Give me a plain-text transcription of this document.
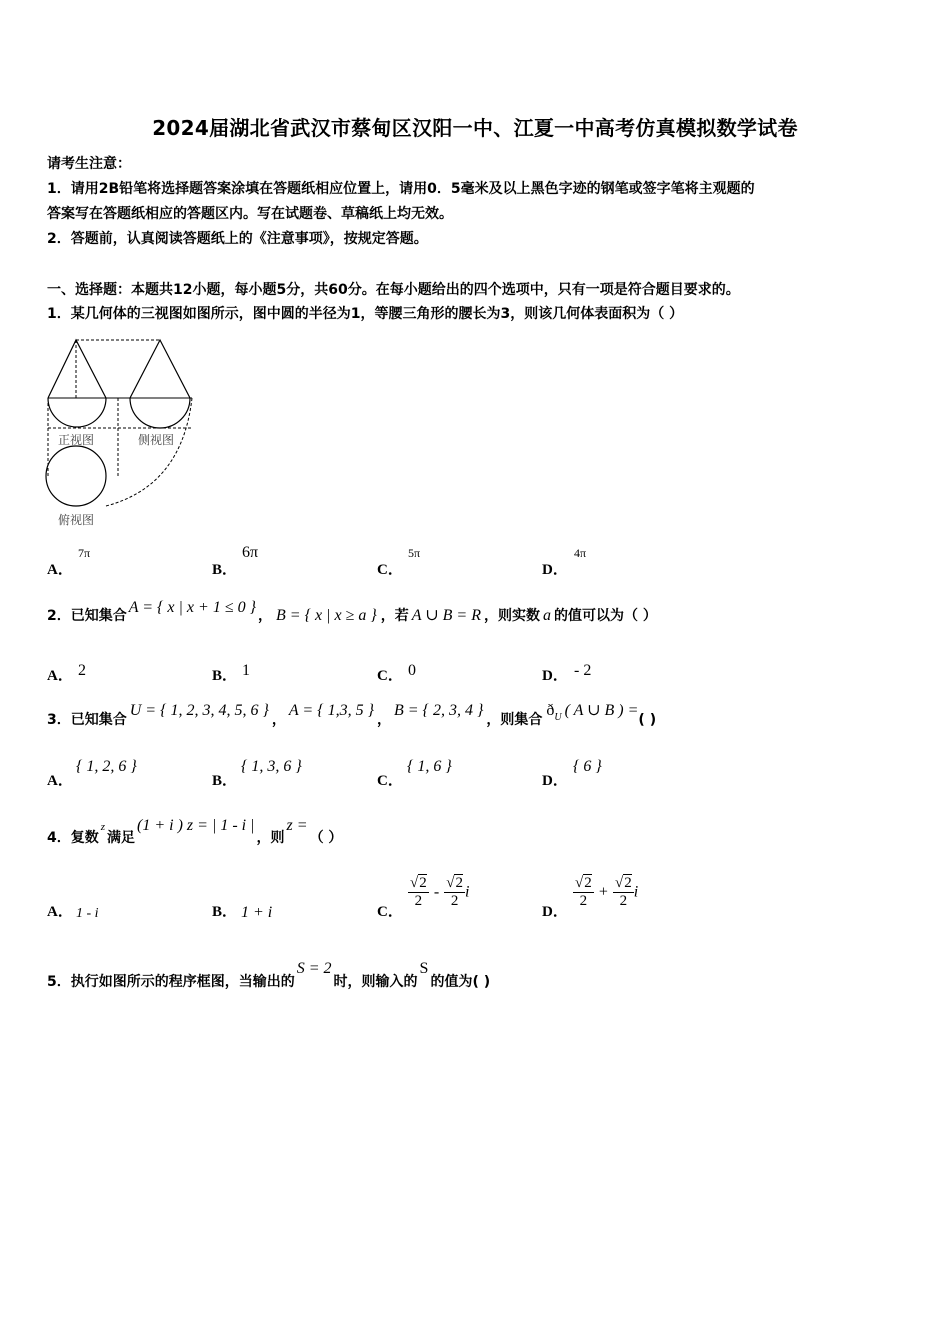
2024届湖北省武汉市蔡甸区汉阳一中、江夏一中高考仿真模拟数学试卷
请考生注意：
1．请用2B铅笔将选择题答案涂填在答题纸相应位置上，请用0．5毫米及以上黑色字迹的钢笔或签字笔将主观题的
答案写在答题纸相应的答题区内。写在试题卷、草稿纸上均无效。
2．答题前，认真阅读答题纸上的《注意事项》，按规定答题。
一、选择题：本题共12小题，每小题5分，共60分。在每小题给出的四个选项中，只有一项是符合题目要求的。
1．某几何体的三视图如图所示，图中圆的半径为1，等腰三角形的腰长为3，则该几何体表面积为（ ）
正视图	侧视图
俯视图
A．
7π
B．
6π
C．
5π
D．
4π
2．已知集合 A = { x | x + 1 ≤ 0 } ， B = { x | x ≥ a } ，若 A ∪ B = R ，则实数 a 的值可以为（ ）
A． 2	B． 1	C． 0	D． - 2
3．已知集合U = { 1, 2, 3, 4, 5, 6 }，A = { 1,3, 5 }，B = { 2, 3, 4 }，则集合$ð_U$ ( A ∪ B ) =( )
A．
{ 1, 2, 6 }
B．
{ 1, 3, 6 }
C．
{ 1, 6 }
D．
{ 6 }
4．复数z满足(1 + i ) z = | 1 - i |，则z =（ ）
A． 1 - i	B． 1 + i	C．
$\frac{√2}{2} - \frac{√2}{2}$ i
D．
$\frac{√2}{2} + \frac{√2}{2}$ i
5．执行如图所示的程序框图，当输出的S = 2时，则输入的S的值为( )
